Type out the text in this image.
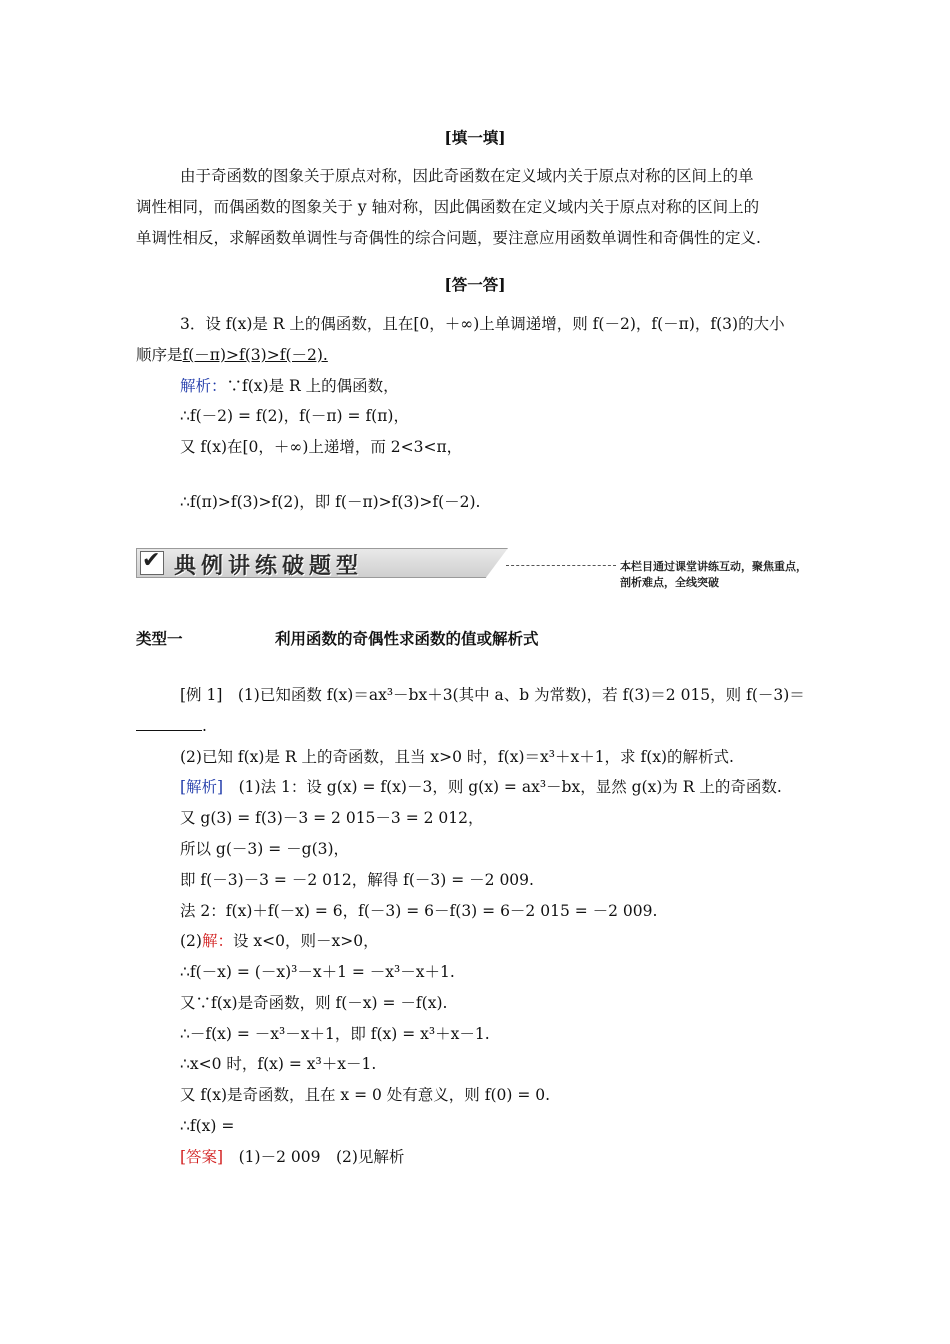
[填一填]
由于奇函数的图象关于原点对称，因此奇函数在定义域内关于原点对称的区间上的单
调性相同，而偶函数的图象关于 y 轴对称，因此偶函数在定义域内关于原点对称的区间上的
单调性相反，求解函数单调性与奇偶性的综合问题，要注意应用函数单调性和奇偶性的定义.
[答一答]
3．设 f(x)是 R 上的偶函数，且在[0，＋∞)上单调递增，则 f(－2)，f(－π)，f(3)的大小
顺序是f(－π)>f(3)>f(－2).
解析：∵f(x)是 R 上的偶函数，
∴f(－2) = f(2)，f(－π) = f(π)，
又 f(x)在[0，＋∞)上递增，而 2<3<π，
∴f(π)>f(3)>f(2)，即 f(－π)>f(3)>f(－2).
✔ 典例讲练破题型	本栏目通过课堂讲练互动，聚焦重点，剖析难点，全线突破
类型一	利用函数的奇偶性求函数的值或解析式
[例 1]　(1)已知函数 f(x)＝ax³－bx＋3(其中 a、b 为常数)，若 f(3)＝2 015，则 f(－3)＝
.
(2)已知 f(x)是 R 上的奇函数，且当 x>0 时，f(x)＝x³＋x＋1，求 f(x)的解析式.
[解析]　(1)法 1：设 g(x) = f(x)－3，则 g(x) = ax³－bx，显然 g(x)为 R 上的奇函数.
又 g(3) = f(3)－3 = 2 015－3 = 2 012，
所以 g(－3) = －g(3)，
即 f(－3)－3 = －2 012，解得 f(－3) = －2 009.
法 2：f(x)＋f(－x) = 6，f(－3) = 6－f(3) = 6－2 015 = －2 009.
(2)解：设 x<0，则－x>0，
∴f(－x) = (－x)³－x＋1 = －x³－x＋1.
又∵f(x)是奇函数，则 f(－x) = －f(x).
∴－f(x) = －x³－x＋1，即 f(x) = x³＋x－1.
∴x<0 时，f(x) = x³＋x－1.
又 f(x)是奇函数，且在 x = 0 处有意义，则 f(0) = 0.
∴f(x) =
[答案]　(1)－2 009　(2)见解析
